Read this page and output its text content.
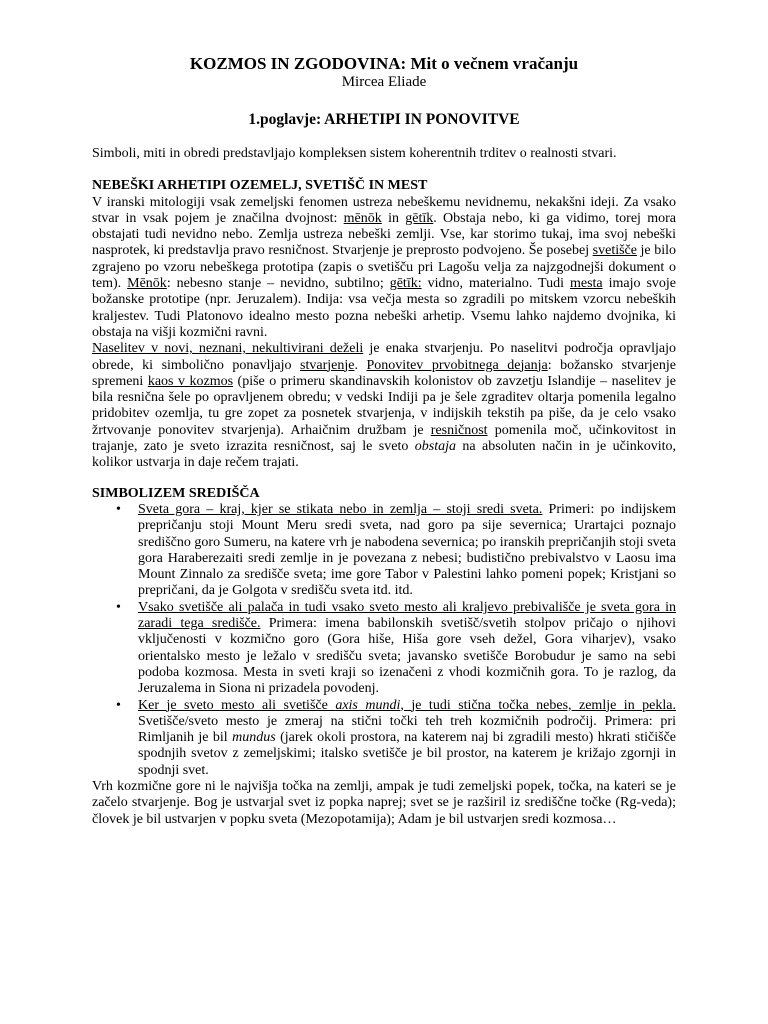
KOZMOS IN ZGODOVINA: Mit o večnem vračanju
Mircea Eliade
1.poglavje: ARHETIPI IN PONOVITVE

Simboli, miti in obredi predstavljajo kompleksen sistem koherentnih trditev o realnosti stvari.

NEBEŠKI ARHETIPI OZEMELJ, SVETIŠČ IN MEST

V iranski mitologiji vsak zemeljski fenomen ustreza nebeškemu nevidnemu, nekakšni ideji. Za vsako stvar in vsak pojem je značilna dvojnost: mēnōk in gētīk. Obstaja nebo, ki ga vidimo, torej mora obstajati tudi nevidno nebo. Zemlja ustreza nebeški zemlji. Vse, kar storimo tukaj, ima svoj nebeški nasprotek, ki predstavlja pravo resničnost. Stvarjenje je preprosto podvojeno. Še posebej svetišče je bilo zgrajeno po vzoru nebeškega prototipa (zapis o svetišču pri Lagošu velja za najzgodnejši dokument o tem). Mēnōk: nebesno stanje – nevidno, subtilno; gētīk: vidno, materialno. Tudi mesta imajo svoje božanske prototipe (npr. Jeruzalem). Indija: vsa večja mesta so zgradili po mitskem vzorcu nebeških kraljestev. Tudi Platonovo idealno mesto pozna nebeški arhetip. Vsemu lahko najdemo dvojnika, ki obstaja na višji kozmični ravni.

Naselitev v novi, neznani, nekultivirani deželi je enaka stvarjenju. Po naselitvi področja opravljajo obrede, ki simbolično ponavljajo stvarjenje. Ponovitev prvobitnega dejanja: božansko stvarjenje spremeni kaos v kozmos (piše o primeru skandinavskih kolonistov ob zavzetju Islandije – naselitev je bila resnična šele po opravljenem obredu; v vedski Indiji pa je šele zgraditev oltarja pomenila legalno pridobitev ozemlja, tu gre zopet za posnetek stvarjenja, v indijskih tekstih pa piše, da je celo vsako žrtvovanje ponovitev stvarjenja). Arhaičnim družbam je resničnost pomenila moč, učinkovitost in trajanje, zato je sveto izrazita resničnost, saj le sveto obstaja na absoluten način in je učinkovito, kolikor ustvarja in daje rečem trajati.

SIMBOLIZEM SREDIŠČA
• Sveta gora – kraj, kjer se stikata nebo in zemlja – stoji sredi sveta. Primeri: po indijskem prepričanju stoji Mount Meru sredi sveta, nad goro pa sije severnica; Urartajci poznajo središčno goro Sumeru, na katere vrh je nabodena severnica; po iranskih prepričanjih stoji sveta gora Haraberezaiti sredi zemlje in je povezana z nebesi; budistično prebivalstvo v Laosu ima Mount Zinnalo za središče sveta; ime gore Tabor v Palestini lahko pomeni popek; Kristjani so prepričani, da je Golgota v središču sveta itd. itd.
• Vsako svetišče ali palača in tudi vsako sveto mesto ali kraljevo prebivališče je sveta gora in zaradi tega središče. Primera: imena babilonskih svetišč/svetih stolpov pričajo o njihovi vključenosti v kozmično goro (Gora hiše, Hiša gore vseh dežel, Gora viharjev), vsako orientalsko mesto je ležalo v središču sveta; javansko svetišče Borobudur je samo na sebi podoba kozmosa. Mesta in sveti kraji so izenačeni z vhodi kozmičnih gora. To je razlog, da Jeruzalema in Siona ni prizadela povodenj.
• Ker je sveto mesto ali svetišče axis mundi, je tudi stična točka nebes, zemlje in pekla. Svetišče/sveto mesto je zmeraj na stični točki teh treh kozmičnih področij. Primera: pri Rimljanih je bil mundus (jarek okoli prostora, na katerem naj bi zgradili mesto) hkrati stičišče spodnjih svetov z zemeljskimi; italsko svetišče je bil prostor, na katerem je križajo zgornji in spodnji svet.

Vrh kozmične gore ni le najvišja točka na zemlji, ampak je tudi zemeljski popek, točka, na kateri se je začelo stvarjenje. Bog je ustvarjal svet iz popka naprej; svet se je razširil iz središčne točke (Rg-veda); človek je bil ustvarjen v popku sveta (Mezopotamija); Adam je bil ustvarjen sredi kozmosa…
